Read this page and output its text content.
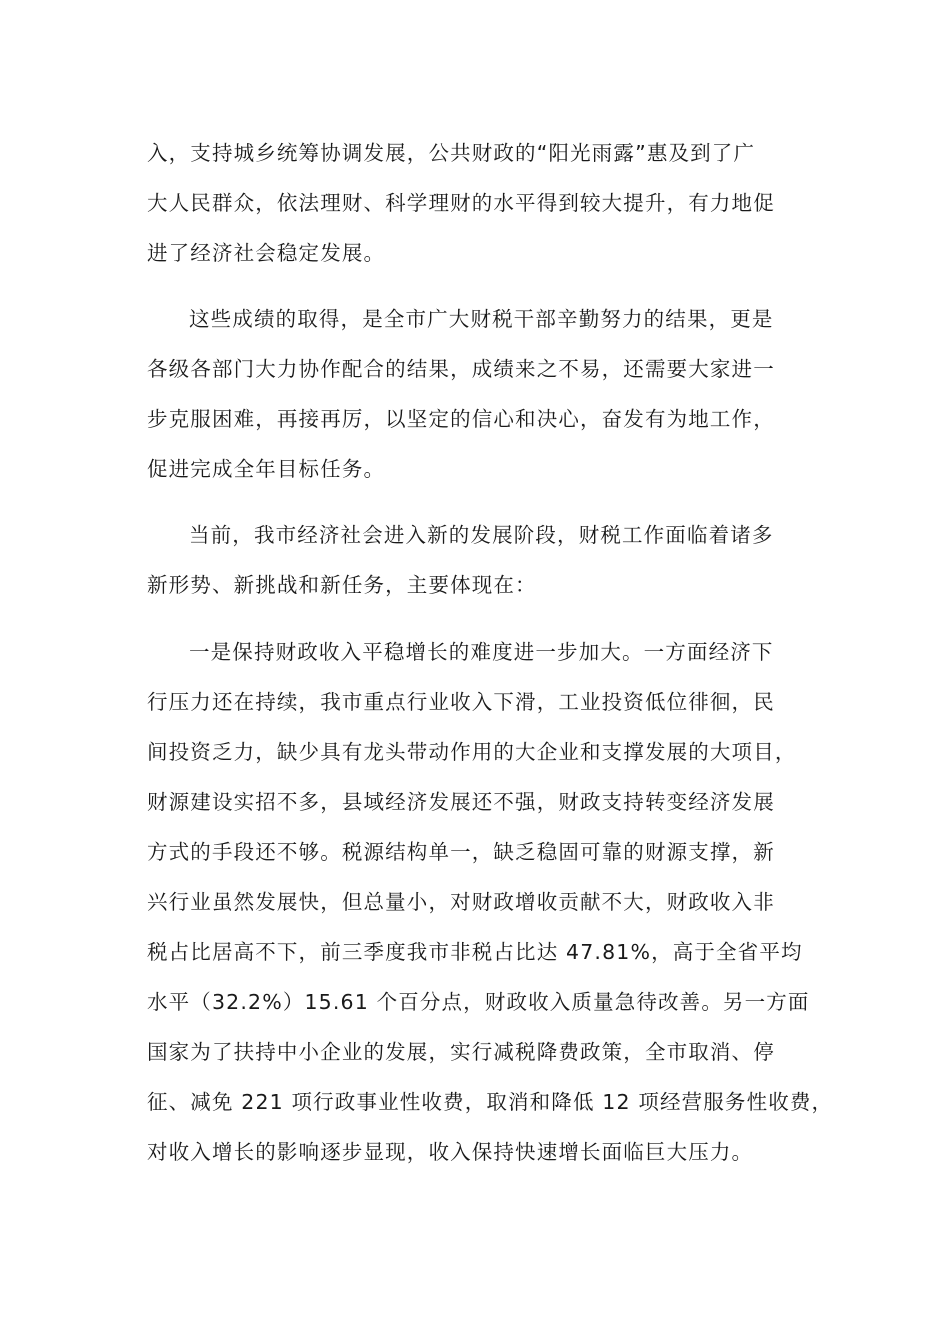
入，支持城乡统筹协调发展，公共财政的“阳光雨露”惠及到了广
大人民群众，依法理财、科学理财的水平得到较大提升，有力地促
进了经济社会稳定发展。
这些成绩的取得，是全市广大财税干部辛勤努力的结果，更是
各级各部门大力协作配合的结果，成绩来之不易，还需要大家进一
步克服困难，再接再厉，以坚定的信心和决心，奋发有为地工作，
促进完成全年目标任务。
当前，我市经济社会进入新的发展阶段，财税工作面临着诸多
新形势、新挑战和新任务，主要体现在：
一是保持财政收入平稳增长的难度进一步加大。一方面经济下
行压力还在持续，我市重点行业收入下滑，工业投资低位徘徊，民
间投资乏力，缺少具有龙头带动作用的大企业和支撑发展的大项目，
财源建设实招不多，县域经济发展还不强，财政支持转变经济发展
方式的手段还不够。税源结构单一，缺乏稳固可靠的财源支撑，新
兴行业虽然发展快，但总量小，对财政增收贡献不大，财政收入非
税占比居高不下，前三季度我市非税占比达 47.81%，高于全省平均
水平（32.2%）15.61 个百分点，财政收入质量急待改善。另一方面
国家为了扶持中小企业的发展，实行减税降费政策，全市取消、停
征、减免 221 项行政事业性收费，取消和降低 12 项经营服务性收费，
对收入增长的影响逐步显现，收入保持快速增长面临巨大压力。
